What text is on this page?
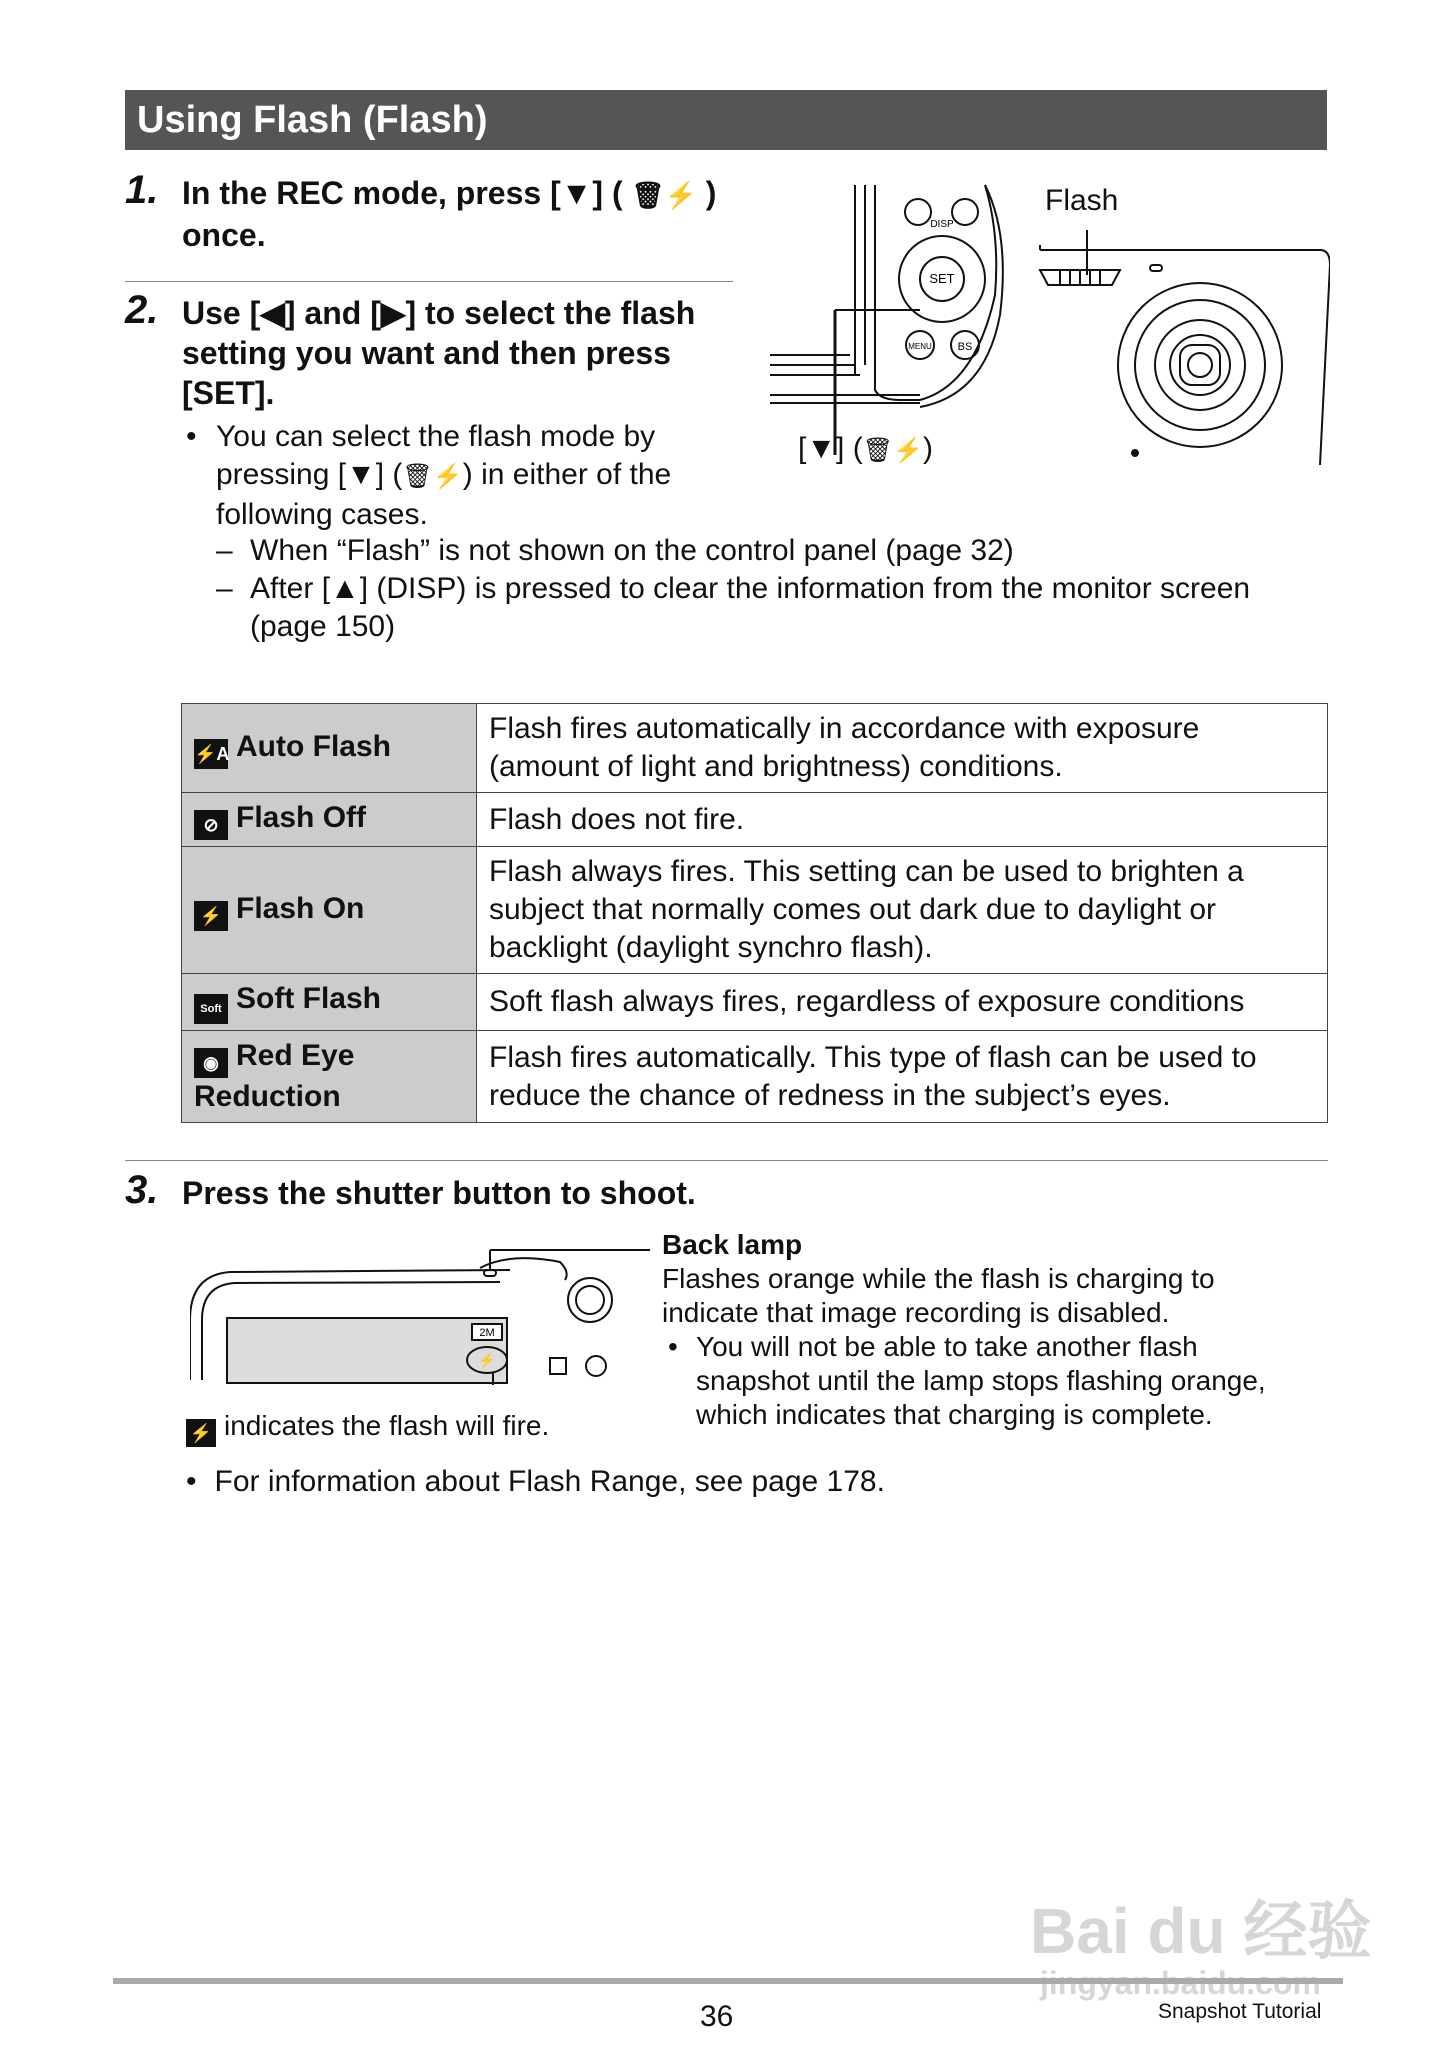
Using Flash (Flash)
1. In the REC mode, press [▼] ( 🗑⚡ )
once.
2. Use [◀] and [▶] to select the flash
setting you want and then press
[SET].
• You can select the flash mode by
pressing [▼] (🗑⚡) in either of the
following cases.
– When “Flash” is not shown on the control panel (page 32)
– After [▲] (DISP) is pressed to clear the information from the monitor screen
(page 150)
DISP
SET
MENU BS
Flash
[▼] (🗑⚡)
⚡A Auto Flash	Flash fires automatically in accordance with exposure
(amount of light and brightness) conditions.
⊘ Flash Off	Flash does not fire.
⚡ Flash On	Flash always fires. This setting can be used to brighten a
subject that normally comes out dark due to daylight or
backlight (daylight synchro flash).
Soft Soft Flash	Soft flash always fires, regardless of exposure conditions
◉ Red Eye
Reduction	Flash fires automatically. This type of flash can be used to
reduce the chance of redness in the subject’s eyes.
3. Press the shutter button to shoot.
2M
⚡
⚡ indicates the flash will fire.
Back lamp
Flashes orange while the flash is charging to
indicate that image recording is disabled.
• You will not be able to take another flash
snapshot until the lamp stops flashing orange,
which indicates that charging is complete.
• For information about Flash Range, see page 178.
Bai du 经验
36	Snapshot Tutorial
